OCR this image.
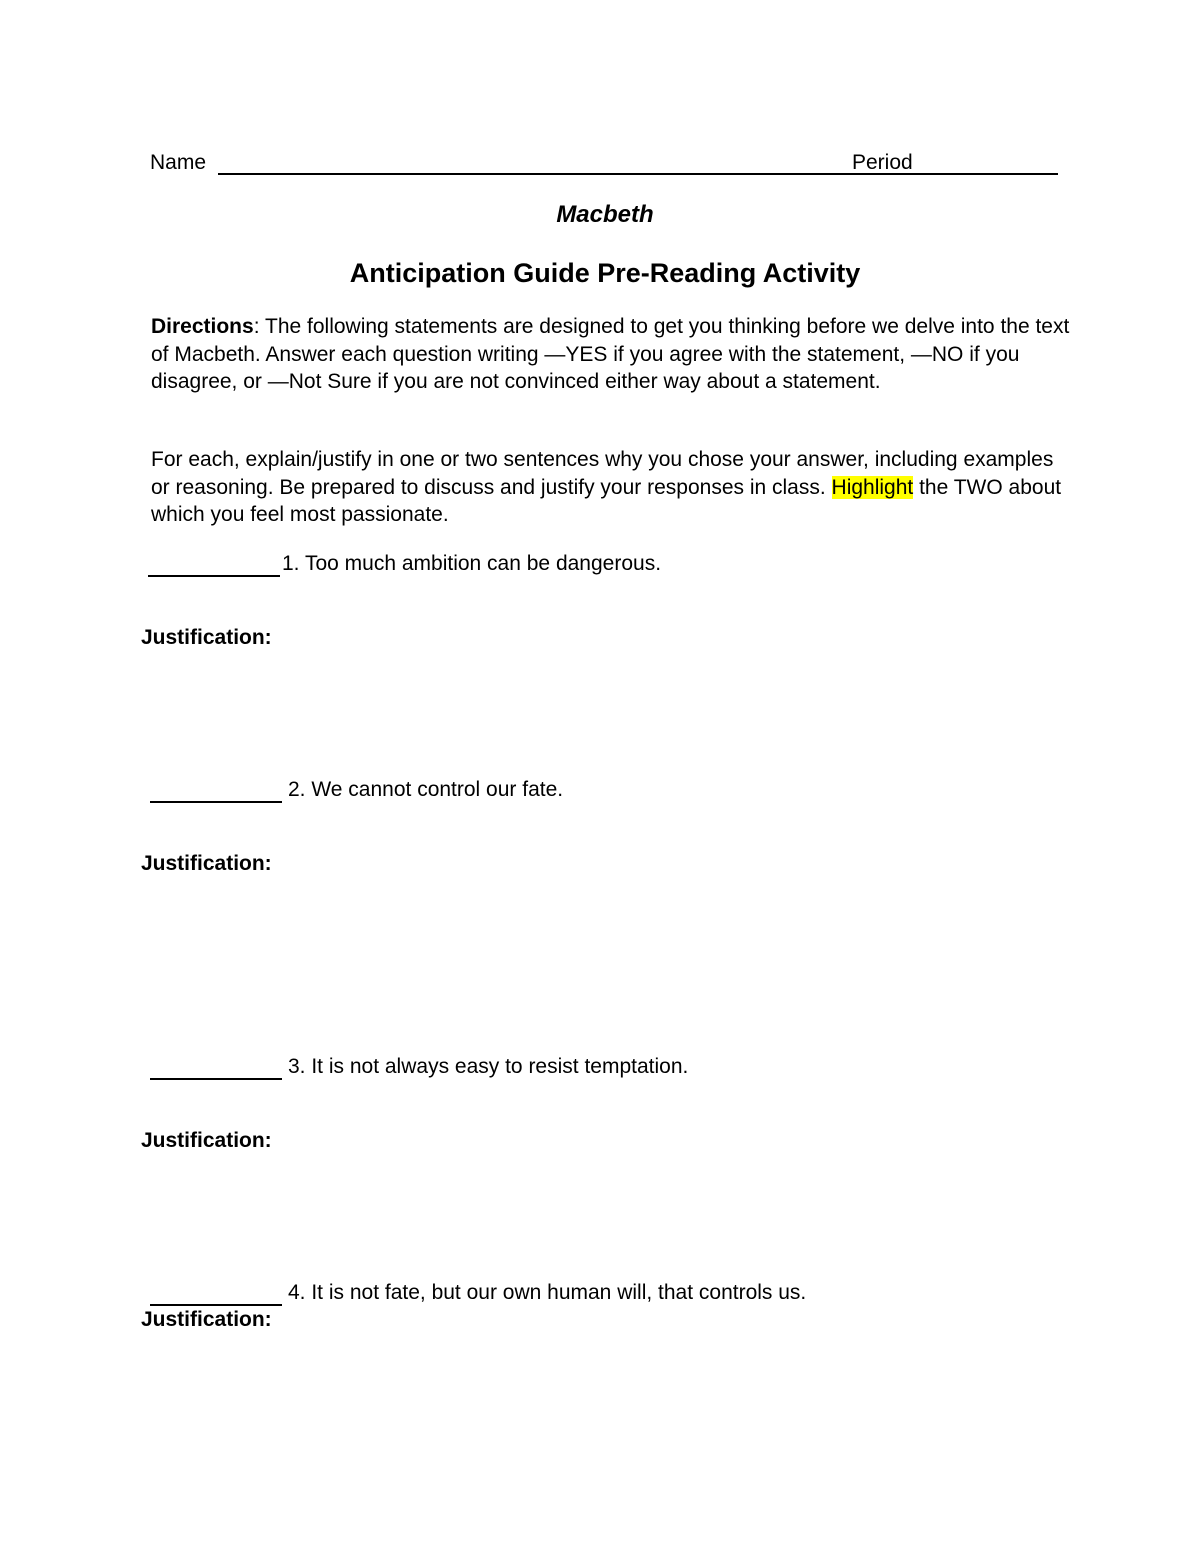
Name	Period
Macbeth
Anticipation Guide Pre-Reading Activity
Directions: The following statements are designed to get you thinking before we delve into the text of Macbeth. Answer each question writing —YES if you agree with the statement, —NO if you disagree, or —Not Sure if you are not convinced either way about a statement.
For each, explain/justify in one or two sentences why you chose your answer, including examples or reasoning. Be prepared to discuss and justify your responses in class. Highlight the TWO about which you feel most passionate.
1. Too much ambition can be dangerous.
Justification:
2. We cannot control our fate.
Justification:
3. It is not always easy to resist temptation.
Justification:
4. It is not fate, but our own human will, that controls us.
Justification:
